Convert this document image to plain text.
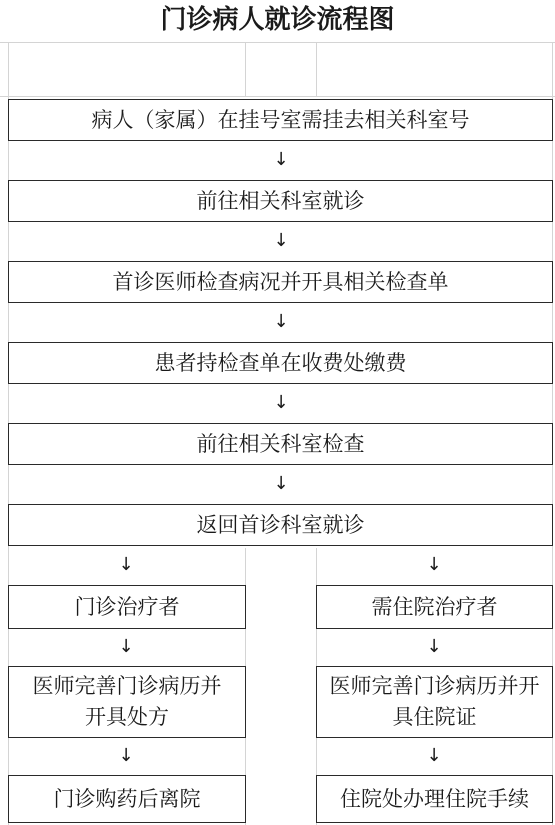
门诊病人就诊流程图
病人（家属）在挂号室需挂去相关科室号
↓
前往相关科室就诊
↓
首诊医师检查病况并开具相关检查单
↓
患者持检查单在收费处缴费
↓
前往相关科室检查
↓
返回首诊科室就诊
↓	↓
门诊治疗者
↓
医师完善门诊病历并开具处方
↓
门诊购药后离院
需住院治疗者
↓
医师完善门诊病历并开具住院证
↓
住院处办理住院手续
